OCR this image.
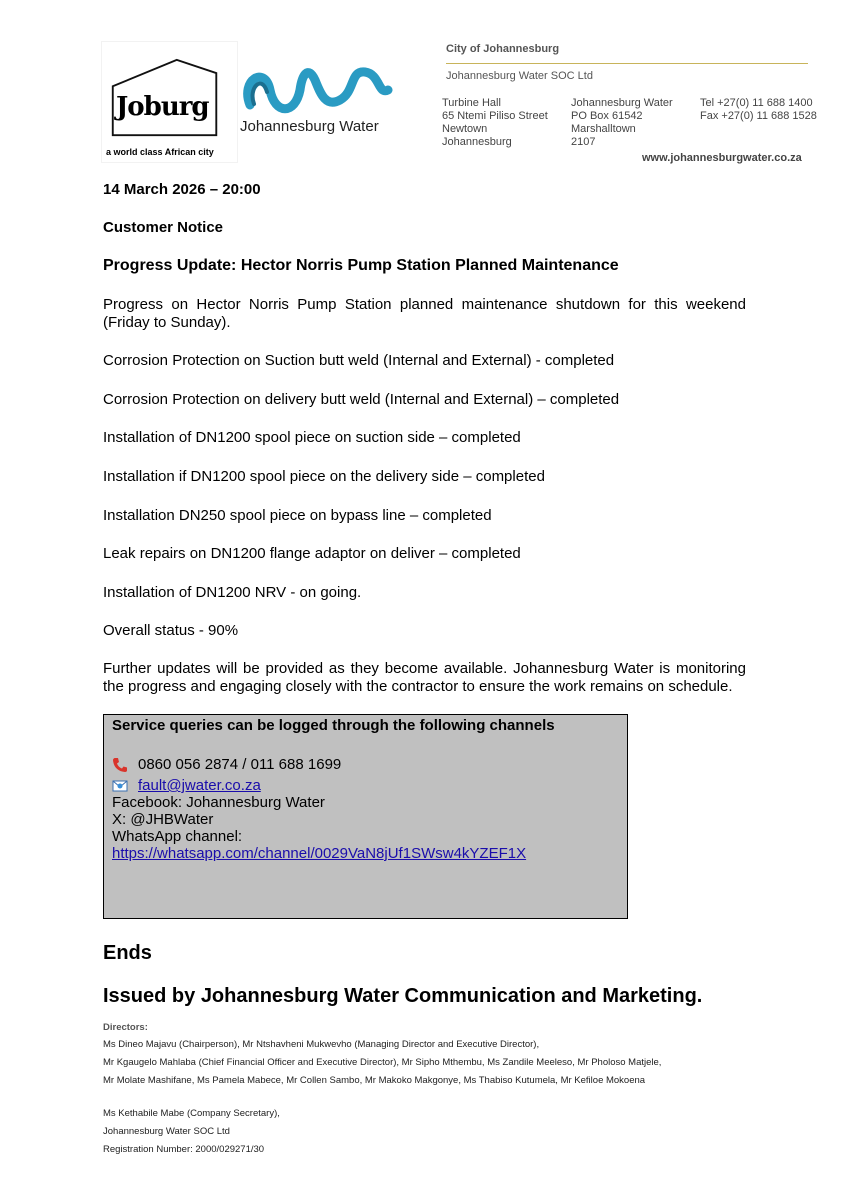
Joburg
a world class African city
Johannesburg Water
City of Johannesburg
Johannesburg Water SOC Ltd
Turbine Hall
65 Ntemi Piliso Street
Newtown
Johannesburg
Johannesburg Water
PO Box 61542
Marshalltown
2107
Tel +27(0) 11 688 1400
Fax +27(0) 11 688 1528
www.johannesburgwater.co.za
14 March 2026 – 20:00
Customer Notice
Progress Update: Hector Norris Pump Station Planned Maintenance
Progress on Hector Norris Pump Station planned maintenance shutdown for this weekend (Friday to Sunday).
Corrosion Protection on Suction butt weld (Internal and External) - completed
Corrosion Protection on delivery butt weld (Internal and External) – completed
Installation of DN1200 spool piece on suction side – completed
Installation if DN1200 spool piece on the delivery side – completed
Installation DN250 spool piece on bypass line – completed
Leak repairs on DN1200 flange adaptor on deliver – completed
Installation of DN1200 NRV - on going.
Overall status - 90%
Further updates will be provided as they become available. Johannesburg Water is monitoring the progress and engaging closely with the contractor to ensure the work remains on schedule.
Service queries can be logged through the following channels
0860 056 2874 / 011 688 1699
fault@jwater.co.za
Facebook: Johannesburg Water
X: @JHBWater
WhatsApp channel:
https://whatsapp.com/channel/0029VaN8jUf1SWsw4kYZEF1X
Ends
Issued by Johannesburg Water Communication and Marketing.
Directors:
Ms Dineo Majavu (Chairperson), Mr Ntshavheni Mukwevho (Managing Director and Executive Director),
Mr Kgaugelo Mahlaba (Chief Financial Officer and Executive Director), Mr Sipho Mthembu, Ms Zandile Meeleso, Mr Pholoso Matjele,
Mr Molate Mashifane, Ms Pamela Mabece, Mr Collen Sambo, Mr Makoko Makgonye, Ms Thabiso Kutumela, Mr Kefiloe Mokoena
Ms Kethabile Mabe (Company Secretary),
Johannesburg Water SOC Ltd
Registration Number: 2000/029271/30
